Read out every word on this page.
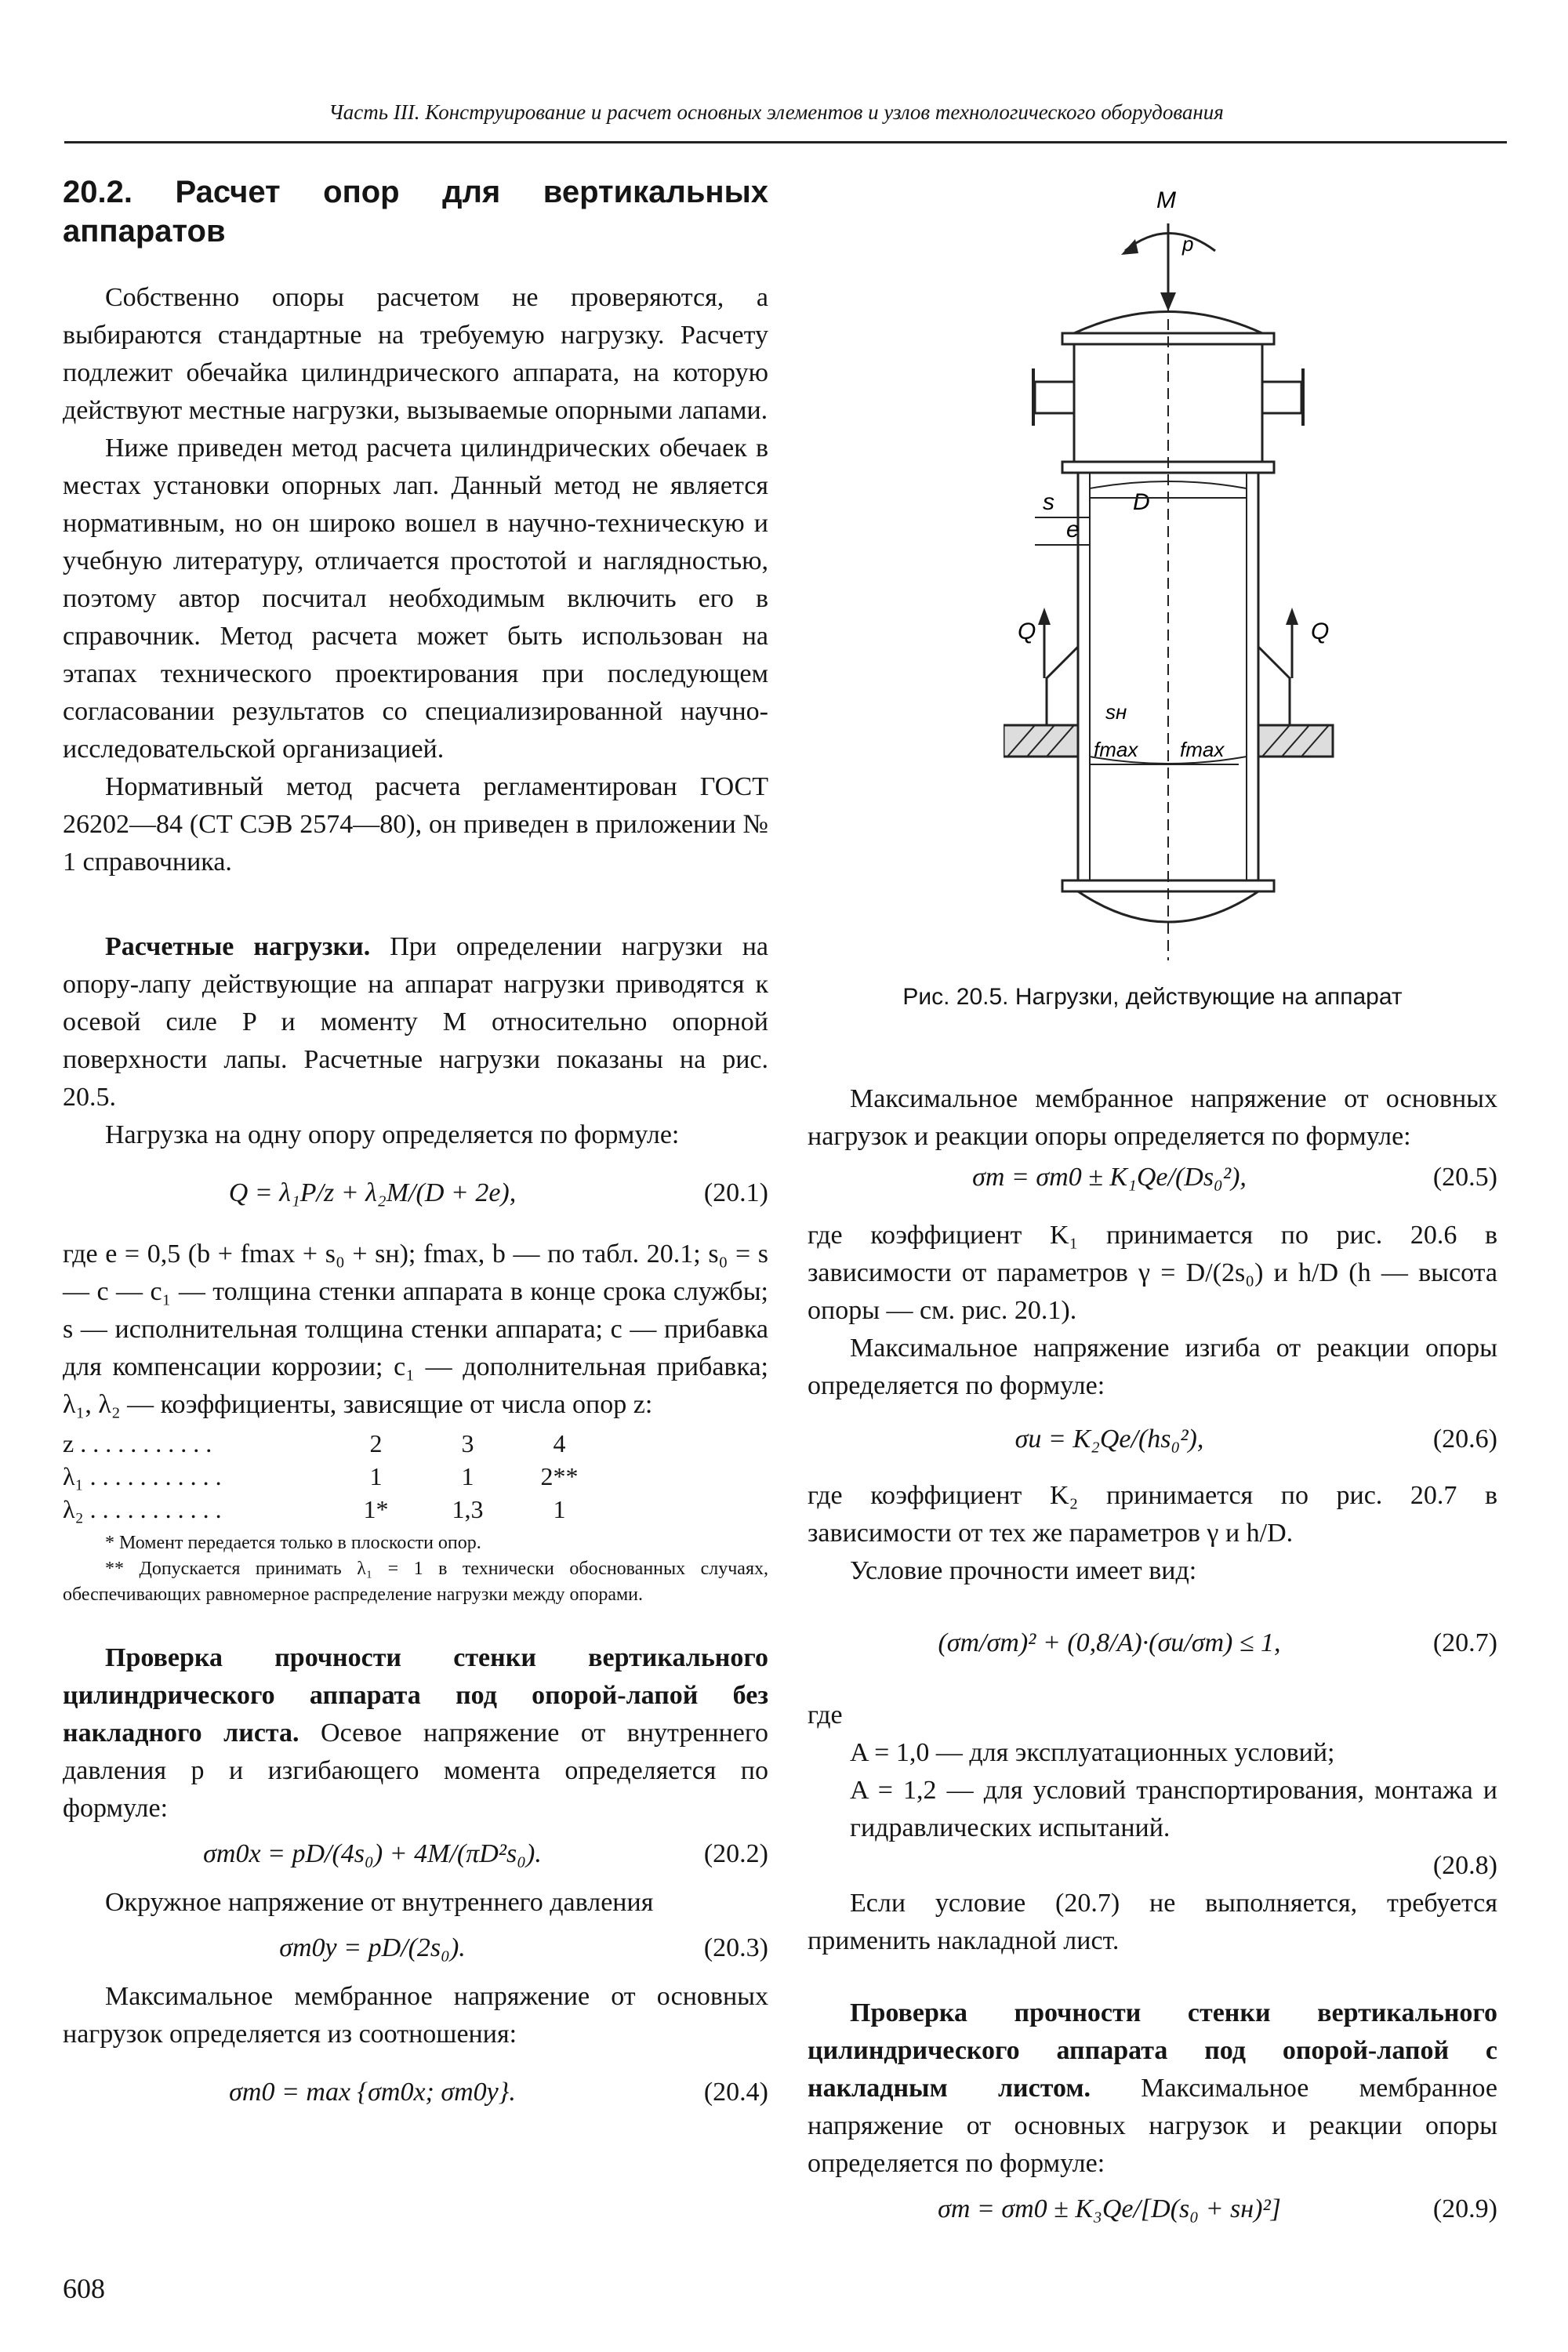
Часть III. Конструирование и расчет основных элементов и узлов технологического оборудования
20.2. Расчет опор для вертикальных аппаратов

Собственно опоры расчетом не проверяются, а выбираются стандартные на требуемую нагрузку. Расчету подлежит обечайка цилиндрического аппарата, на которую действуют местные нагрузки, вызываемые опорными лапами.

Ниже приведен метод расчета цилиндрических обечаек в местах установки опорных лап. Данный метод не является нормативным, но он широко вошел в научно-техническую и учебную литературу, отличается простотой и наглядностью, поэтому автор посчитал необходимым включить его в справочник. Метод расчета может быть использован на этапах технического проектирования при последующем согласовании результатов со специализированной научно-исследовательской организацией.

Нормативный метод расчета регламентирован ГОСТ 26202—84 (СТ СЭВ 2574—80), он приведен в приложении № 1 справочника.

Расчетные нагрузки. При определении нагрузки на опору-лапу действующие на аппарат нагрузки приводятся к осевой силе P и моменту M относительно опорной поверхности лапы. Расчетные нагрузки показаны на рис. 20.5.

Нагрузка на одну опору определяется по формуле:

Q = λ₁P/z + λ₂M/(D + 2e),	(20.1)

где e = 0,5 (b + fmax + s₀ + sн); fmax, b — по табл. 20.1; s₀ = s — c — c₁ — толщина стенки аппарата в конце срока службы; s — исполнительная толщина стенки аппарата; c — прибавка для компенсации коррозии; c₁ — дополнительная прибавка; λ₁, λ₂ — коэффициенты, зависящие от числа опор z:

z . . . . . . . . . . .	2	3	4
λ₁ . . . . . . . . . . .	1	1	2**
λ₂ . . . . . . . . . . .	1*	1,3	1

* Момент передается только в плоскости опор.

** Допускается принимать λ₁ = 1 в технически обоснованных случаях, обеспечивающих равномерное распределение нагрузки между опорами.

Проверка прочности стенки вертикального цилиндрического аппарата под опорой-лапой без накладного листа. Осевое напряжение от внутреннего давления p и изгибающего момента определяется по формуле:

σm0x = pD/(4s₀) + 4M/(πD²s₀).	(20.2)

Окружное напряжение от внутреннего давления

σm0y = pD/(2s₀).	(20.3)

Максимальное мембранное напряжение от основных нагрузок определяется из соотношения:

σm0 = max {σm0x; σm0y}.	(20.4)
M
p
s
e
D
Q	Q
sн
fmax fmax
Рис. 20.5. Нагрузки, действующие на аппарат

Максимальное мембранное напряжение от основных нагрузок и реакции опоры определяется по формуле:

σm = σm0 ± K₁Qe/(Ds₀²),	(20.5)

где коэффициент K₁ принимается по рис. 20.6 в зависимости от параметров γ = D/(2s₀) и h/D (h — высота опоры — см. рис. 20.1).

Максимальное напряжение изгиба от реакции опоры определяется по формуле:

σи = K₂Qe/(hs₀²),	(20.6)

где коэффициент K₂ принимается по рис. 20.7 в зависимости от тех же параметров γ и h/D.

Условие прочности имеет вид:

(σm/σт)² + (0,8/A)·(σи/σт) ≤ 1,	(20.7)

где

A = 1,0 — для эксплуатационных условий;

A = 1,2 — для условий транспортирования, монтажа и гидравлических испытаний.

(20.8)

Если условие (20.7) не выполняется, требуется применить накладной лист.

Проверка прочности стенки вертикального цилиндрического аппарата под опорой-лапой с накладным листом. Максимальное мембранное напряжение от основных нагрузок и реакции опоры определяется по формуле:

σm = σm0 ± K₃Qe/[D(s₀ + sн)²]	(20.9)
608
